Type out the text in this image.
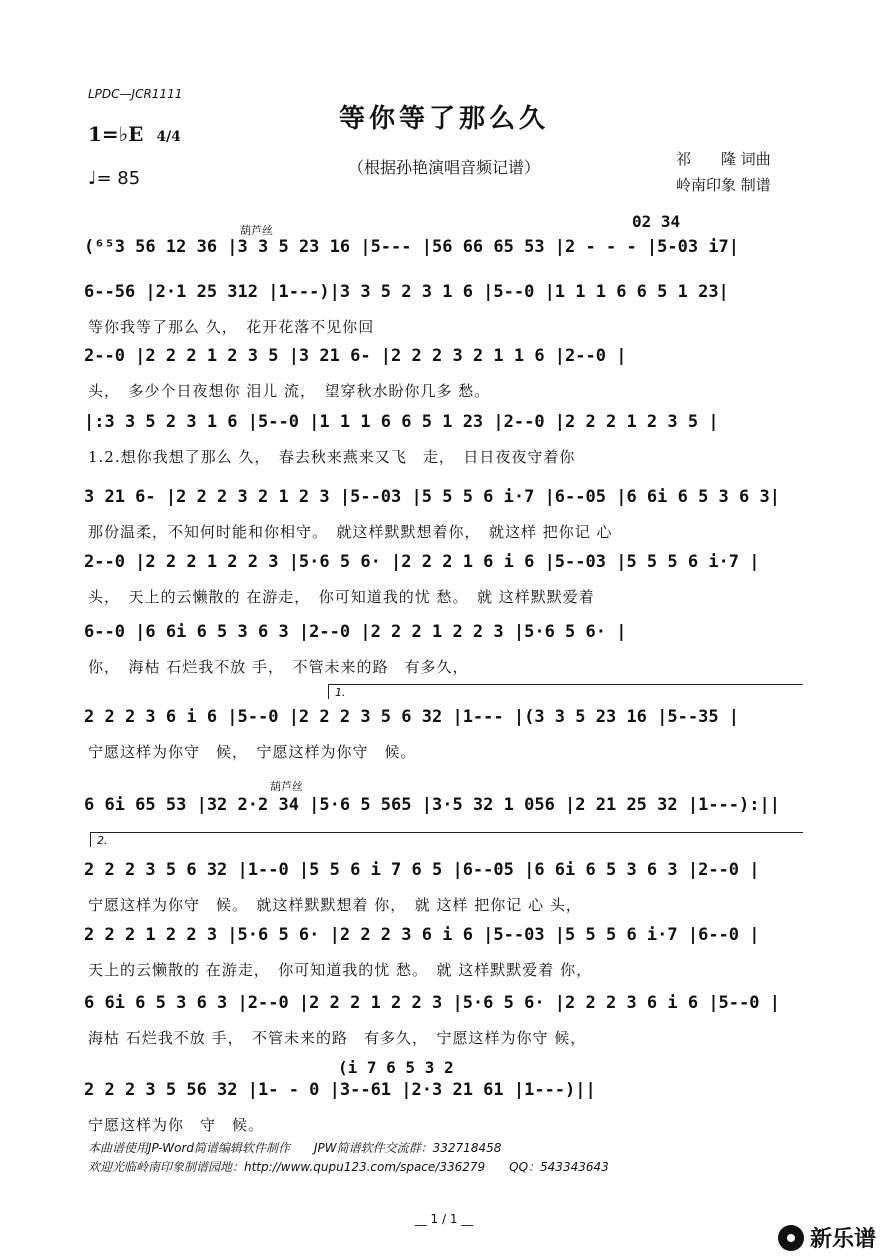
LPDC—JCR1111
等你等了那么久
1=♭E 4/4
♩= 85
（根据孙艳演唱音频记谱）	祁　　隆 词曲
岭南印象 制谱
葫芦丝	02 34
葫芦丝
(i 7 6 5 3 2
1.
2.
(⁶⁵3 56 12 36 |3 3 5 23 16 |5--- |56 66 65 53 |2 - - - |5-03 i7|
6--56 |2·1 25 312 |1---)|3 3 5 2 3 1 6 |5--0 |1 1 1 6 6 5 1 23|
等你我等了那么 久，　花开花落不见你回
2--0 |2 2 2 1 2 3 5 |3 21 6- |2 2 2 3 2 1 1 6 |2--0 |
头，　多少个日夜想你 泪儿 流，　望穿秋水盼你几多 愁。
|:3 3 5 2 3 1 6 |5--0 |1 1 1 6 6 5 1 23 |2--0 |2 2 2 1 2 3 5 |
1.2.想你我想了那么 久，　春去秋来燕来又飞　走，　日日夜夜守着你
3 21 6- |2 2 2 3 2 1 2 3 |5--03 |5 5 5 6 i·7 |6--05 |6 6i 6 5 3 6 3|
那份温柔，不知何时能和你相守。　就这样默默想着你，　就这样 把你记 心
2--0 |2 2 2 1 2 2 3 |5·6 5 6· |2 2 2 1 6 i 6 |5--03 |5 5 5 6 i·7 |
头，　天上的云懒散的 在游走，　你可知道我的忧 愁。　就 这样默默爱着
6--0 |6 6i 6 5 3 6 3 |2--0 |2 2 2 1 2 2 3 |5·6 5 6· |
你，　海枯 石烂我不放 手，　不管未来的路　有多久，
2 2 2 3 6 i 6 |5--0 |2 2 2 3 5 6 32 |1--- |(3 3 5 23 16 |5--35 |
宁愿这样为你守　候，　宁愿这样为你守　候。
6 6i 65 53 |32 2·2 34 |5·6 5 565 |3·5 32 1 056 |2 21 25 32 |1---):||
2 2 2 3 5 6 32 |1--0 |5 5 6 i 7 6 5 |6--05 |6 6i 6 5 3 6 3 |2--0 |
宁愿这样为你守　候。　就这样默默想着 你，　就 这样 把你记 心 头，
2 2 2 1 2 2 3 |5·6 5 6· |2 2 2 3 6 i 6 |5--03 |5 5 5 6 i·7 |6--0 |
天上的云懒散的 在游走，　你可知道我的忧 愁。　就 这样默默爱着 你，
6 6i 6 5 3 6 3 |2--0 |2 2 2 1 2 2 3 |5·6 5 6· |2 2 2 3 6 i 6 |5--0 |
海枯 石烂我不放 手，　不管未来的路　有多久，　宁愿这样为你守 候，
2 2 2 3 5 56 32 |1- - 0 |3--61 |2·3 21 61 |1---)||
宁愿这样为你　守　候。
本曲谱使用JP-Word简谱编辑软件制作　　JPW简谱软件交流群：332718458
欢迎光临岭南印象制谱园地：http://www.qupu123.com/space/336279　　QQ：543343643
__ 1 / 1 __
新乐谱
